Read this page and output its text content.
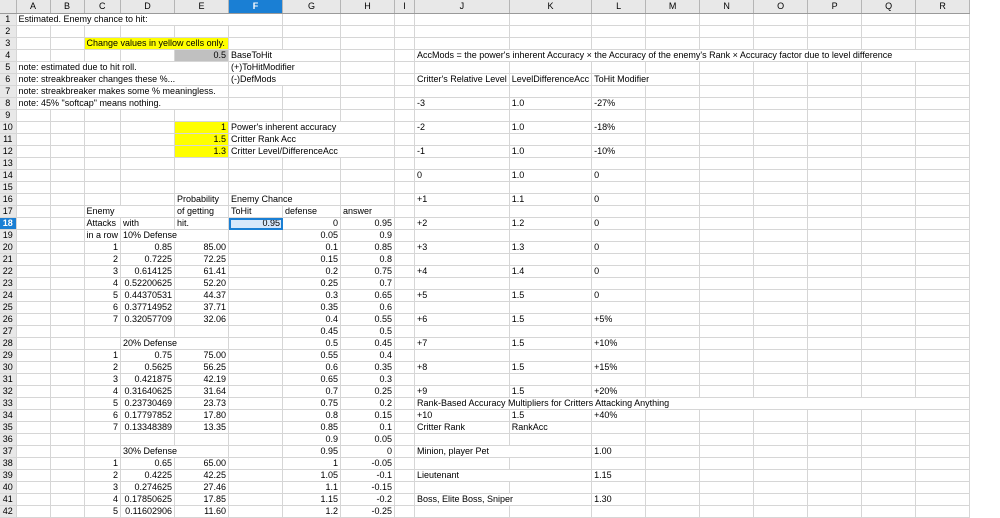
	A	B	C	D	E	F	G	H	I	J	K	L	M	N	O	P	Q	R
1	Estimated. Enemy chance to hit:																	
2																		
3			Change values in yellow cells only.															
4					0.5	BaseToHit				AccMods = the power's inherent Accuracy × the Accuracy of the enemy's Rank × Accuracy factor due to level difference								
5	note: estimated due to hit roll.					(+)ToHitModifier												
6	note: streakbreaker changes these %...					(-)DefMods				Critter's Relative Level	LevelDifferenceAcc	ToHit Modifier						
7	note: streakbreaker makes some % meaningless.																	
8	note: 45% "softcap" means nothing.									-3	1.0	-27%						
9																		
10					1	Power's inherent accuracy				-2	1.0	-18%						
11					1.5	Critter Rank Acc												
12					1.3	Critter Level/DifferenceAcc				-1	1.0	-10%						
13																		
14										0	1.0	0						
15																		
16					Probability	Enemy Chance				+1	1.1	0						
17			Enemy		of getting	ToHit	defense	answer										
18			Attacks	with	hit.	0.95	0	0.95		+2	1.2	0						
19			in a row	10% Defense			0.05	0.9										
20			1	0.85	85.00		0.1	0.85		+3	1.3	0						
21			2	0.7225	72.25		0.15	0.8										
22			3	0.614125	61.41		0.2	0.75		+4	1.4	0						
23			4	0.52200625	52.20		0.25	0.7										
24			5	0.44370531	44.37		0.3	0.65		+5	1.5	0						
25			6	0.37714952	37.71		0.35	0.6										
26			7	0.32057709	32.06		0.4	0.55		+6	1.5	+5%						
27							0.45	0.5										
28				20% Defense			0.5	0.45		+7	1.5	+10%						
29			1	0.75	75.00		0.55	0.4										
30			2	0.5625	56.25		0.6	0.35		+8	1.5	+15%						
31			3	0.421875	42.19		0.65	0.3										
32			4	0.31640625	31.64		0.7	0.25		+9	1.5	+20%						
33			5	0.23730469	23.73		0.75	0.2		Rank-Based Accuracy Multipliers for Critters Attacking Anything								
34			6	0.17797852	17.80		0.8	0.15		+10	1.5	+40%						
35			7	0.13348389	13.35		0.85	0.1		Critter Rank	RankAcc							
36							0.9	0.05										
37				30% Defense			0.95	0		Minion, player Pet		1.00						
38			1	0.65	65.00		1	-0.05										
39			2	0.4225	42.25		1.05	-0.1		Lieutenant		1.15						
40			3	0.274625	27.46		1.1	-0.15										
41			4	0.17850625	17.85		1.15	-0.2		Boss, Elite Boss, Sniper		1.30						
42			5	0.11602906	11.60		1.2	-0.25										
